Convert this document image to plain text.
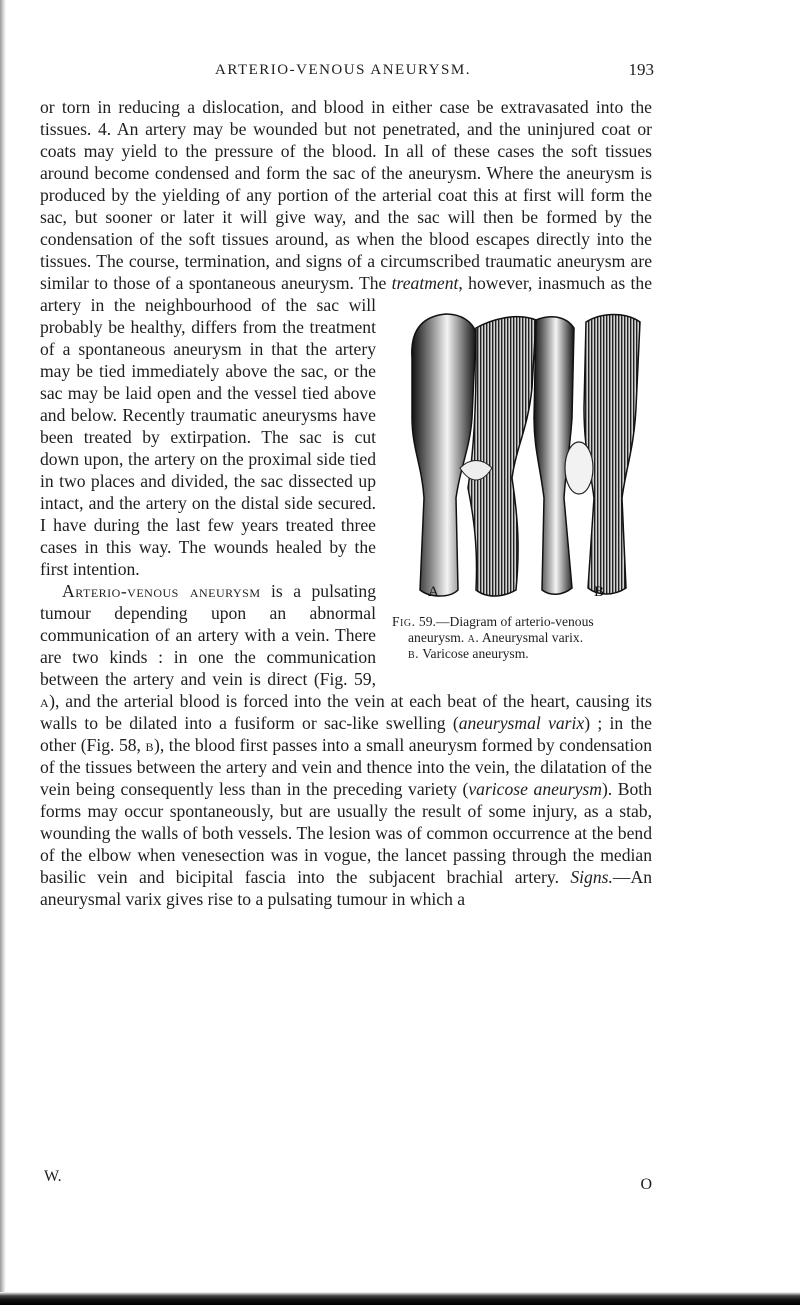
ARTERIO-VENOUS ANEURYSM.	193

or torn in reducing a dislocation, and blood in either case be extravasated into the tissues. 4. An artery may be wounded but not penetrated, and the uninjured coat or coats may yield to the pressure of the blood. In all of these cases the soft tissues around become condensed and form the sac of the aneurysm. Where the aneurysm is produced by the yielding of any portion of the arterial coat this at first will form the sac, but sooner or later it will give way, and the sac will then be formed by the condensation of the soft tissues around, as when the blood escapes directly into the tissues. The course, termination, and signs of a circumscribed traumatic aneurysm are similar to those of a spontaneous aneurysm. The
A	B
Fig. 59.—Diagram of arterio-venous
aneurysm. a. Aneurysmal varix.
b. Varicose aneurysm.
treatment, however, inasmuch as the artery in the neighbourhood of the sac will probably be healthy, differs from the treatment of a spontaneous aneurysm in that the artery may be tied immediately above the sac, or the sac may be laid open and the vessel tied above and below. Recently traumatic aneurysms have been treated by extirpation. The sac is cut down upon, the artery on the proximal side tied in two places and divided, the sac dissected up intact, and the artery on the distal side secured. I have during the last few years treated three cases in this way. The wounds healed by the first intention.

Arterio-venous aneurysm is a pulsating tumour depending upon an abnormal communication of an artery with a vein. There are two kinds : in one the communication between the artery and vein is direct (Fig. 59, a), and the arterial blood is forced into the vein at each beat of the heart, causing its walls to be dilated into a fusiform or sac-like swelling (aneurysmal varix) ; in the other (Fig. 58, b), the blood first passes into a small aneurysm formed by condensation of the tissues between the artery and vein and thence into the vein, the dilatation of the vein being consequently less than in the preceding variety (varicose aneurysm). Both forms may occur spontaneously, but are usually the result of some injury, as a stab, wounding the walls of both vessels. The lesion was of common occurrence at the bend of the elbow when venesection was in vogue, the lancet passing through the median basilic vein and bicipital fascia into the subjacent brachial artery. Signs.—An aneurysmal varix gives rise to a pulsating tumour in which a

W.	O
